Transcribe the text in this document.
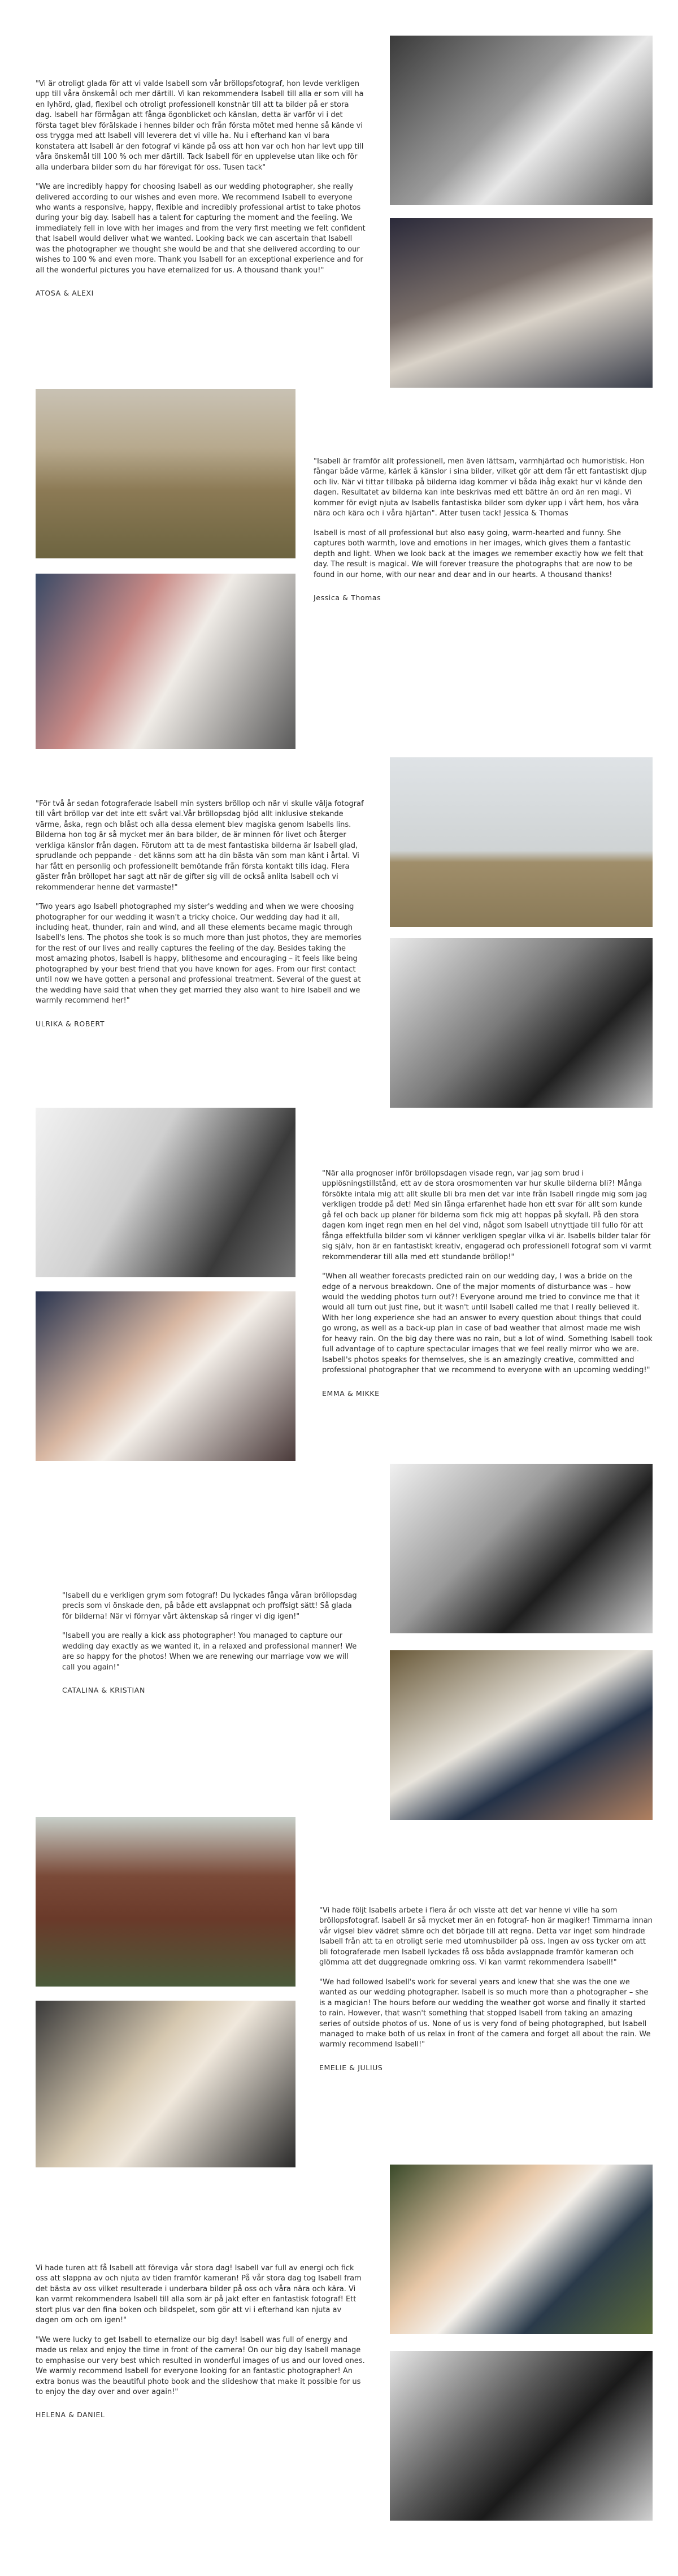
"Vi är otroligt glada för att vi valde Isabell som vår bröllopsfotograf, hon levde verkligen upp till våra önskemål och mer därtill. Vi kan rekommendera Isabell till alla er som vill ha en lyhörd, glad, flexibel och otroligt professionell konstnär till att ta bilder på er stora dag. Isabell har förmågan att fånga ögonblicket och känslan, detta är varför vi i det första taget blev förälskade i hennes bilder och från första mötet med henne så kände vi oss trygga med att Isabell vill leverera det vi ville ha. Nu i efterhand kan vi bara konstatera att Isabell är den fotograf vi kände på oss att hon var och hon har levt upp till våra önskemål till 100 % och mer därtill. Tack Isabell för en upplevelse utan like och för alla underbara bilder som du har förevigat för oss. Tusen tack"

"We are incredibly happy for choosing Isabell as our wedding photographer, she really delivered according to our wishes and even more. We recommend Isabell to everyone who wants a responsive, happy, flexible and incredibly professional artist to take photos during your big day. Isabell has a talent for capturing the moment and the feeling. We immediately fell in love with her images and from the very first meeting we felt confident that Isabell would deliver what we wanted. Looking back we can ascertain that Isabell was the photographer we thought she would be and that she delivered according to our wishes to 100 % and even more. Thank you Isabell for an exceptional experience and for all the wonderful pictures you have eternalized for us. A thousand thank you!"

ATOSA & ALEXI

"Isabell är framför allt professionell, men även lättsam, varmhjärtad och humoristisk. Hon fångar både värme, kärlek å känslor i sina bilder, vilket gör att dem får ett fantastiskt djup och liv. När vi tittar tillbaka på bilderna idag kommer vi båda ihåg exakt hur vi kände den dagen. Resultatet av bilderna kan inte beskrivas med ett bättre än ord än ren magi. Vi kommer för evigt njuta av Isabells fantastiska bilder som dyker upp i vårt hem, hos våra nära och kära och i våra hjärtan". Atter tusen tack! Jessica & Thomas

Isabell is most of all professional but also easy going, warm-hearted and funny. She captures both warmth, love and emotions in her images, which gives them a fantastic depth and light. When we look back at the images we remember exactly how we felt that day. The result is magical. We will forever treasure the photographs that are now to be found in our home, with our near and dear and in our hearts. A thousand thanks!

Jessica & Thomas

"För två år sedan fotograferade Isabell min systers bröllop och när vi skulle välja fotograf till vårt bröllop var det inte ett svårt val.Vår bröllopsdag bjöd allt inklusive stekande värme, åska, regn och blåst och alla dessa element blev magiska genom Isabells lins. Bilderna hon tog är så mycket mer än bara bilder, de är minnen för livet och återger verkliga känslor från dagen. Förutom att ta de mest fantastiska bilderna är Isabell glad, sprudlande och peppande - det känns som att ha din bästa vän som man känt i årtal. Vi har fått en personlig och professionellt bemötande från första kontakt tills idag. Flera gäster från bröllopet har sagt att när de gifter sig vill de också anlita Isabell och vi rekommenderar henne det varmaste!"

"Two years ago Isabell photographed my sister's wedding and when we were choosing photographer for our wedding it wasn't a tricky choice. Our wedding day had it all, including heat, thunder, rain and wind, and all these elements became magic through Isabell's lens. The photos she took is so much more than just photos, they are memories for the rest of our lives and really captures the feeling of the day. Besides taking the most amazing photos, Isabell is happy, blithesome and encouraging – it feels like being photographed by your best friend that you have known for ages. From our first contact until now we have gotten a personal and professional treatment. Several of the guest at the wedding have said that when they get married they also want to hire Isabell and we warmly recommend her!"

ULRIKA & ROBERT

"När alla prognoser inför bröllopsdagen visade regn, var jag som brud i upplösningstillstånd, ett av de stora orosmomenten var hur skulle bilderna bli?! Många försökte intala mig att allt skulle bli bra men det var inte från Isabell ringde mig som jag verkligen trodde på det! Med sin långa erfarenhet hade hon ett svar för allt som kunde gå fel och back up planer för bilderna som fick mig att hoppas på skyfall. På den stora dagen kom inget regn men en hel del vind, något som Isabell utnyttjade till fullo för att fånga effektfulla bilder som vi känner verkligen speglar vilka vi är. Isabells bilder talar för sig själv, hon är en fantastiskt kreativ, engagerad och professionell fotograf som vi varmt rekommenderar till alla med ett stundande bröllop!"

"When all weather forecasts predicted rain on our wedding day, I was a bride on the edge of a nervous breakdown. One of the major moments of disturbance was – how would the wedding photos turn out?! Everyone around me tried to convince me that it would all turn out just fine, but it wasn't until Isabell called me that I really believed it. With her long experience she had an answer to every question about things that could go wrong, as well as a back-up plan in case of bad weather that almost made me wish for heavy rain. On the big day there was no rain, but a lot of wind. Something Isabell took full advantage of to capture spectacular images that we feel really mirror who we are. Isabell's photos speaks for themselves, she is an amazingly creative, committed and professional photographer that we recommend to everyone with an upcoming wedding!"

EMMA & MIKKE

"Isabell du e verkligen grym som fotograf! Du lyckades fånga våran bröllopsdag precis som vi önskade den, på både ett avslappnat och proffsigt sätt! Så glada för bilderna! När vi förnyar vårt äktenskap så ringer vi dig igen!"

"Isabell you are really a kick ass photographer! You managed to capture our wedding day exactly as we wanted it, in a relaxed and professional manner! We are so happy for the photos! When we are renewing our marriage vow we will call you again!"

CATALINA & KRISTIAN

"Vi hade följt Isabells arbete i flera år och visste att det var henne vi ville ha som bröllopsfotograf. Isabell är så mycket mer än en fotograf- hon är magiker! Timmarna innan vår vigsel blev vädret sämre och det började till att regna. Detta var inget som hindrade Isabell från att ta en otroligt serie med utomhusbilder på oss. Ingen av oss tycker om att bli fotograferade men Isabell lyckades få oss båda avslappnade framför kameran och glömma att det duggregnade omkring oss. Vi kan varmt rekommendera Isabell!"

"We had followed Isabell's work for several years and knew that she was the one we wanted as our wedding photographer. Isabell is so much more than a photographer – she is a magician! The hours before our wedding the weather got worse and finally it started to rain. However, that wasn't something that stopped Isabell from taking an amazing series of outside photos of us. None of us is very fond of being photographed, but Isabell managed to make both of us relax in front of the camera and forget all about the rain. We warmly recommend Isabell!"

EMELIE & JULIUS

Vi hade turen att få Isabell att föreviga vår stora dag! Isabell var full av energi och fick oss att slappna av och njuta av tiden framför kameran! På vår stora dag tog Isabell fram det bästa av oss vilket resulterade i underbara bilder på oss och våra nära och kära. Vi kan varmt rekommendera Isabell till alla som är på jakt efter en fantastisk fotograf! Ett stort plus var den fina boken och bildspelet, som gör att vi i efterhand kan njuta av dagen om och om igen!"

"We were lucky to get Isabell to eternalize our big day! Isabell was full of energy and made us relax and enjoy the time in front of the camera! On our big day Isabell manage to emphasise our very best which resulted in wonderful images of us and our loved ones. We warmly recommend Isabell for everyone looking for an fantastic photographer! An extra bonus was the beautiful photo book and the slideshow that make it possible for us to enjoy the day over and over again!"

HELENA & DANIEL
